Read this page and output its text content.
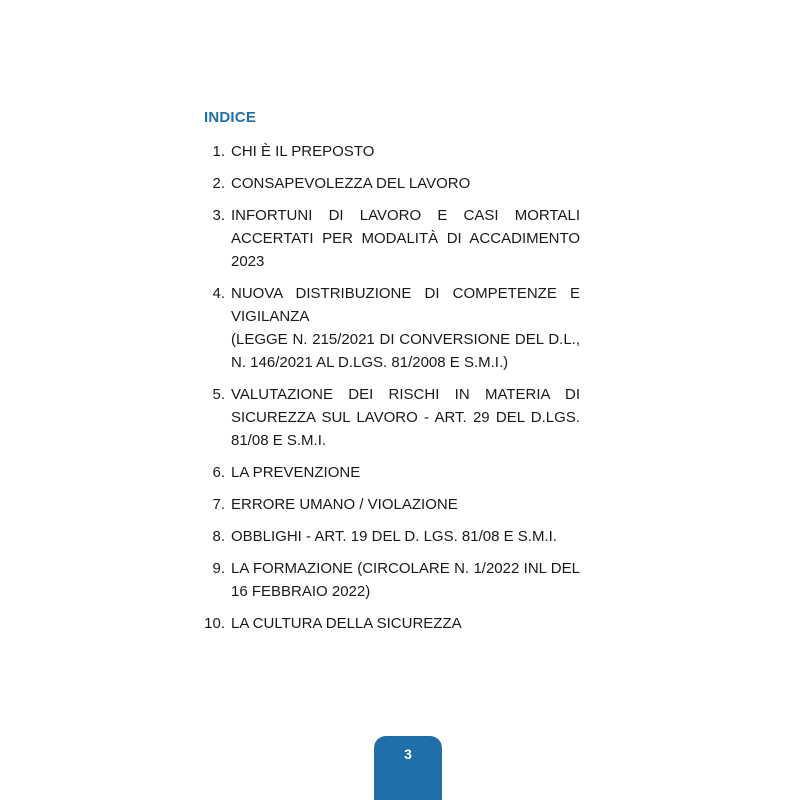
INDICE
1. CHI È IL PREPOSTO
2. CONSAPEVOLEZZA DEL LAVORO
3. INFORTUNI DI LAVORO E CASI MORTALI ACCERTATI PER MODALITÀ DI ACCADIMENTO 2023
4. NUOVA DISTRIBUZIONE DI COMPETENZE E VIGILANZA
(LEGGE N. 215/2021 DI CONVERSIONE DEL D.L., N. 146/2021 AL D.LGS. 81/2008 E S.M.I.)
5. VALUTAZIONE DEI RISCHI IN MATERIA DI SICUREZZA SUL LAVORO - ART. 29 DEL D.LGS. 81/08 E S.M.I.
6. LA PREVENZIONE
7. ERRORE UMANO / VIOLAZIONE
8. OBBLIGHI - ART. 19 DEL D. LGS. 81/08 E S.M.I.
9. LA FORMAZIONE (CIRCOLARE N. 1/2022 INL DEL 16 FEBBRAIO 2022)
10. LA CULTURA DELLA SICUREZZA
3
